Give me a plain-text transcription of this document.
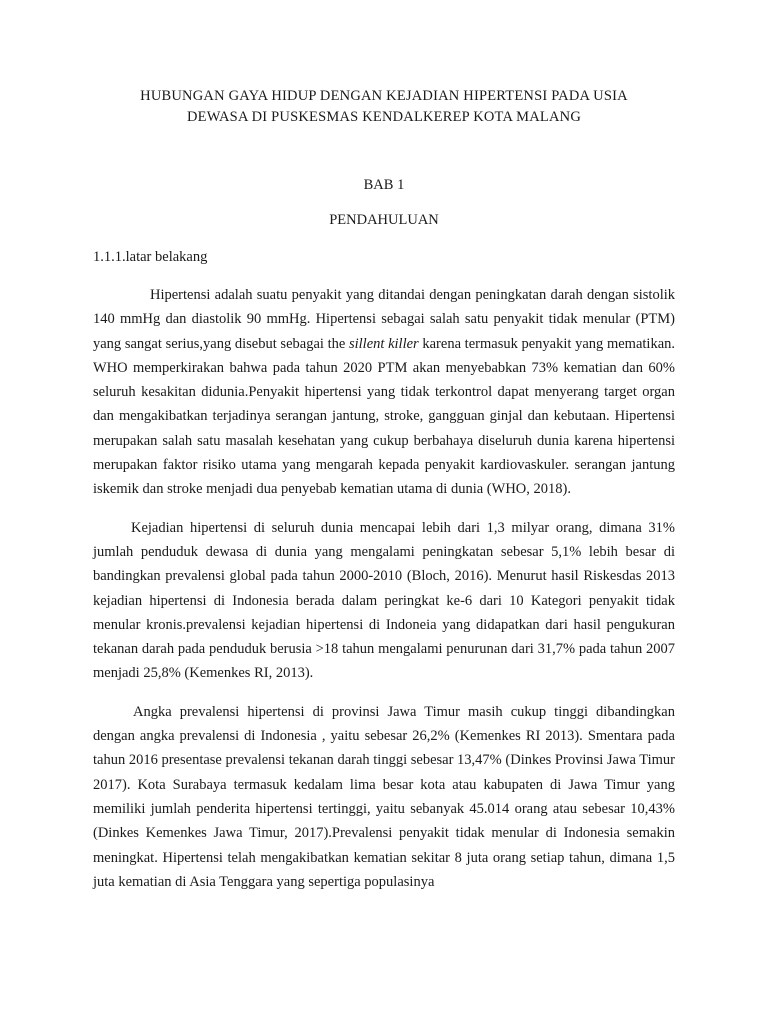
HUBUNGAN GAYA HIDUP DENGAN KEJADIAN HIPERTENSI PADA USIA
DEWASA DI PUSKESMAS KENDALKEREP KOTA MALANG
BAB 1
PENDAHULUAN
1.1.1.latar belakang

Hipertensi adalah suatu penyakit yang ditandai dengan peningkatan darah dengan sistolik 140 mmHg dan diastolik 90 mmHg. Hipertensi sebagai salah satu penyakit tidak menular (PTM) yang sangat serius,yang disebut sebagai the sillent killer karena termasuk penyakit yang mematikan. WHO memperkirakan bahwa pada tahun 2020 PTM akan menyebabkan 73% kematian dan 60% seluruh kesakitan didunia.Penyakit hipertensi yang tidak terkontrol dapat menyerang target organ dan mengakibatkan terjadinya serangan jantung, stroke, gangguan ginjal dan kebutaan. Hipertensi merupakan salah satu masalah kesehatan yang cukup berbahaya diseluruh dunia karena hipertensi merupakan faktor risiko utama yang mengarah kepada penyakit kardiovaskuler. serangan jantung iskemik dan stroke menjadi dua penyebab kematian utama di dunia (WHO, 2018).

Kejadian hipertensi di seluruh dunia mencapai lebih dari 1,3 milyar orang, dimana 31% jumlah penduduk dewasa di dunia yang mengalami peningkatan sebesar 5,1% lebih besar di bandingkan prevalensi global pada tahun 2000-2010 (Bloch, 2016). Menurut hasil Riskesdas 2013 kejadian hipertensi di Indonesia berada dalam peringkat ke-6 dari 10 Kategori penyakit tidak menular kronis.prevalensi kejadian hipertensi di Indoneia yang didapatkan dari hasil pengukuran tekanan darah pada penduduk berusia >18 tahun mengalami penurunan dari 31,7% pada tahun 2007 menjadi 25,8% (Kemenkes RI, 2013).

Angka prevalensi hipertensi di provinsi Jawa Timur masih cukup tinggi dibandingkan dengan angka prevalensi di Indonesia , yaitu sebesar 26,2% (Kemenkes RI 2013). Smentara pada tahun 2016 presentase prevalensi tekanan darah tinggi sebesar 13,47% (Dinkes Provinsi Jawa Timur 2017). Kota Surabaya termasuk kedalam lima besar kota atau kabupaten di Jawa Timur yang memiliki jumlah penderita hipertensi tertinggi, yaitu sebanyak 45.014 orang atau sebesar 10,43% (Dinkes Kemenkes Jawa Timur, 2017).Prevalensi penyakit tidak menular di Indonesia semakin meningkat. Hipertensi telah mengakibatkan kematian sekitar 8 juta orang setiap tahun, dimana 1,5 juta kematian di Asia Tenggara yang sepertiga populasinya
